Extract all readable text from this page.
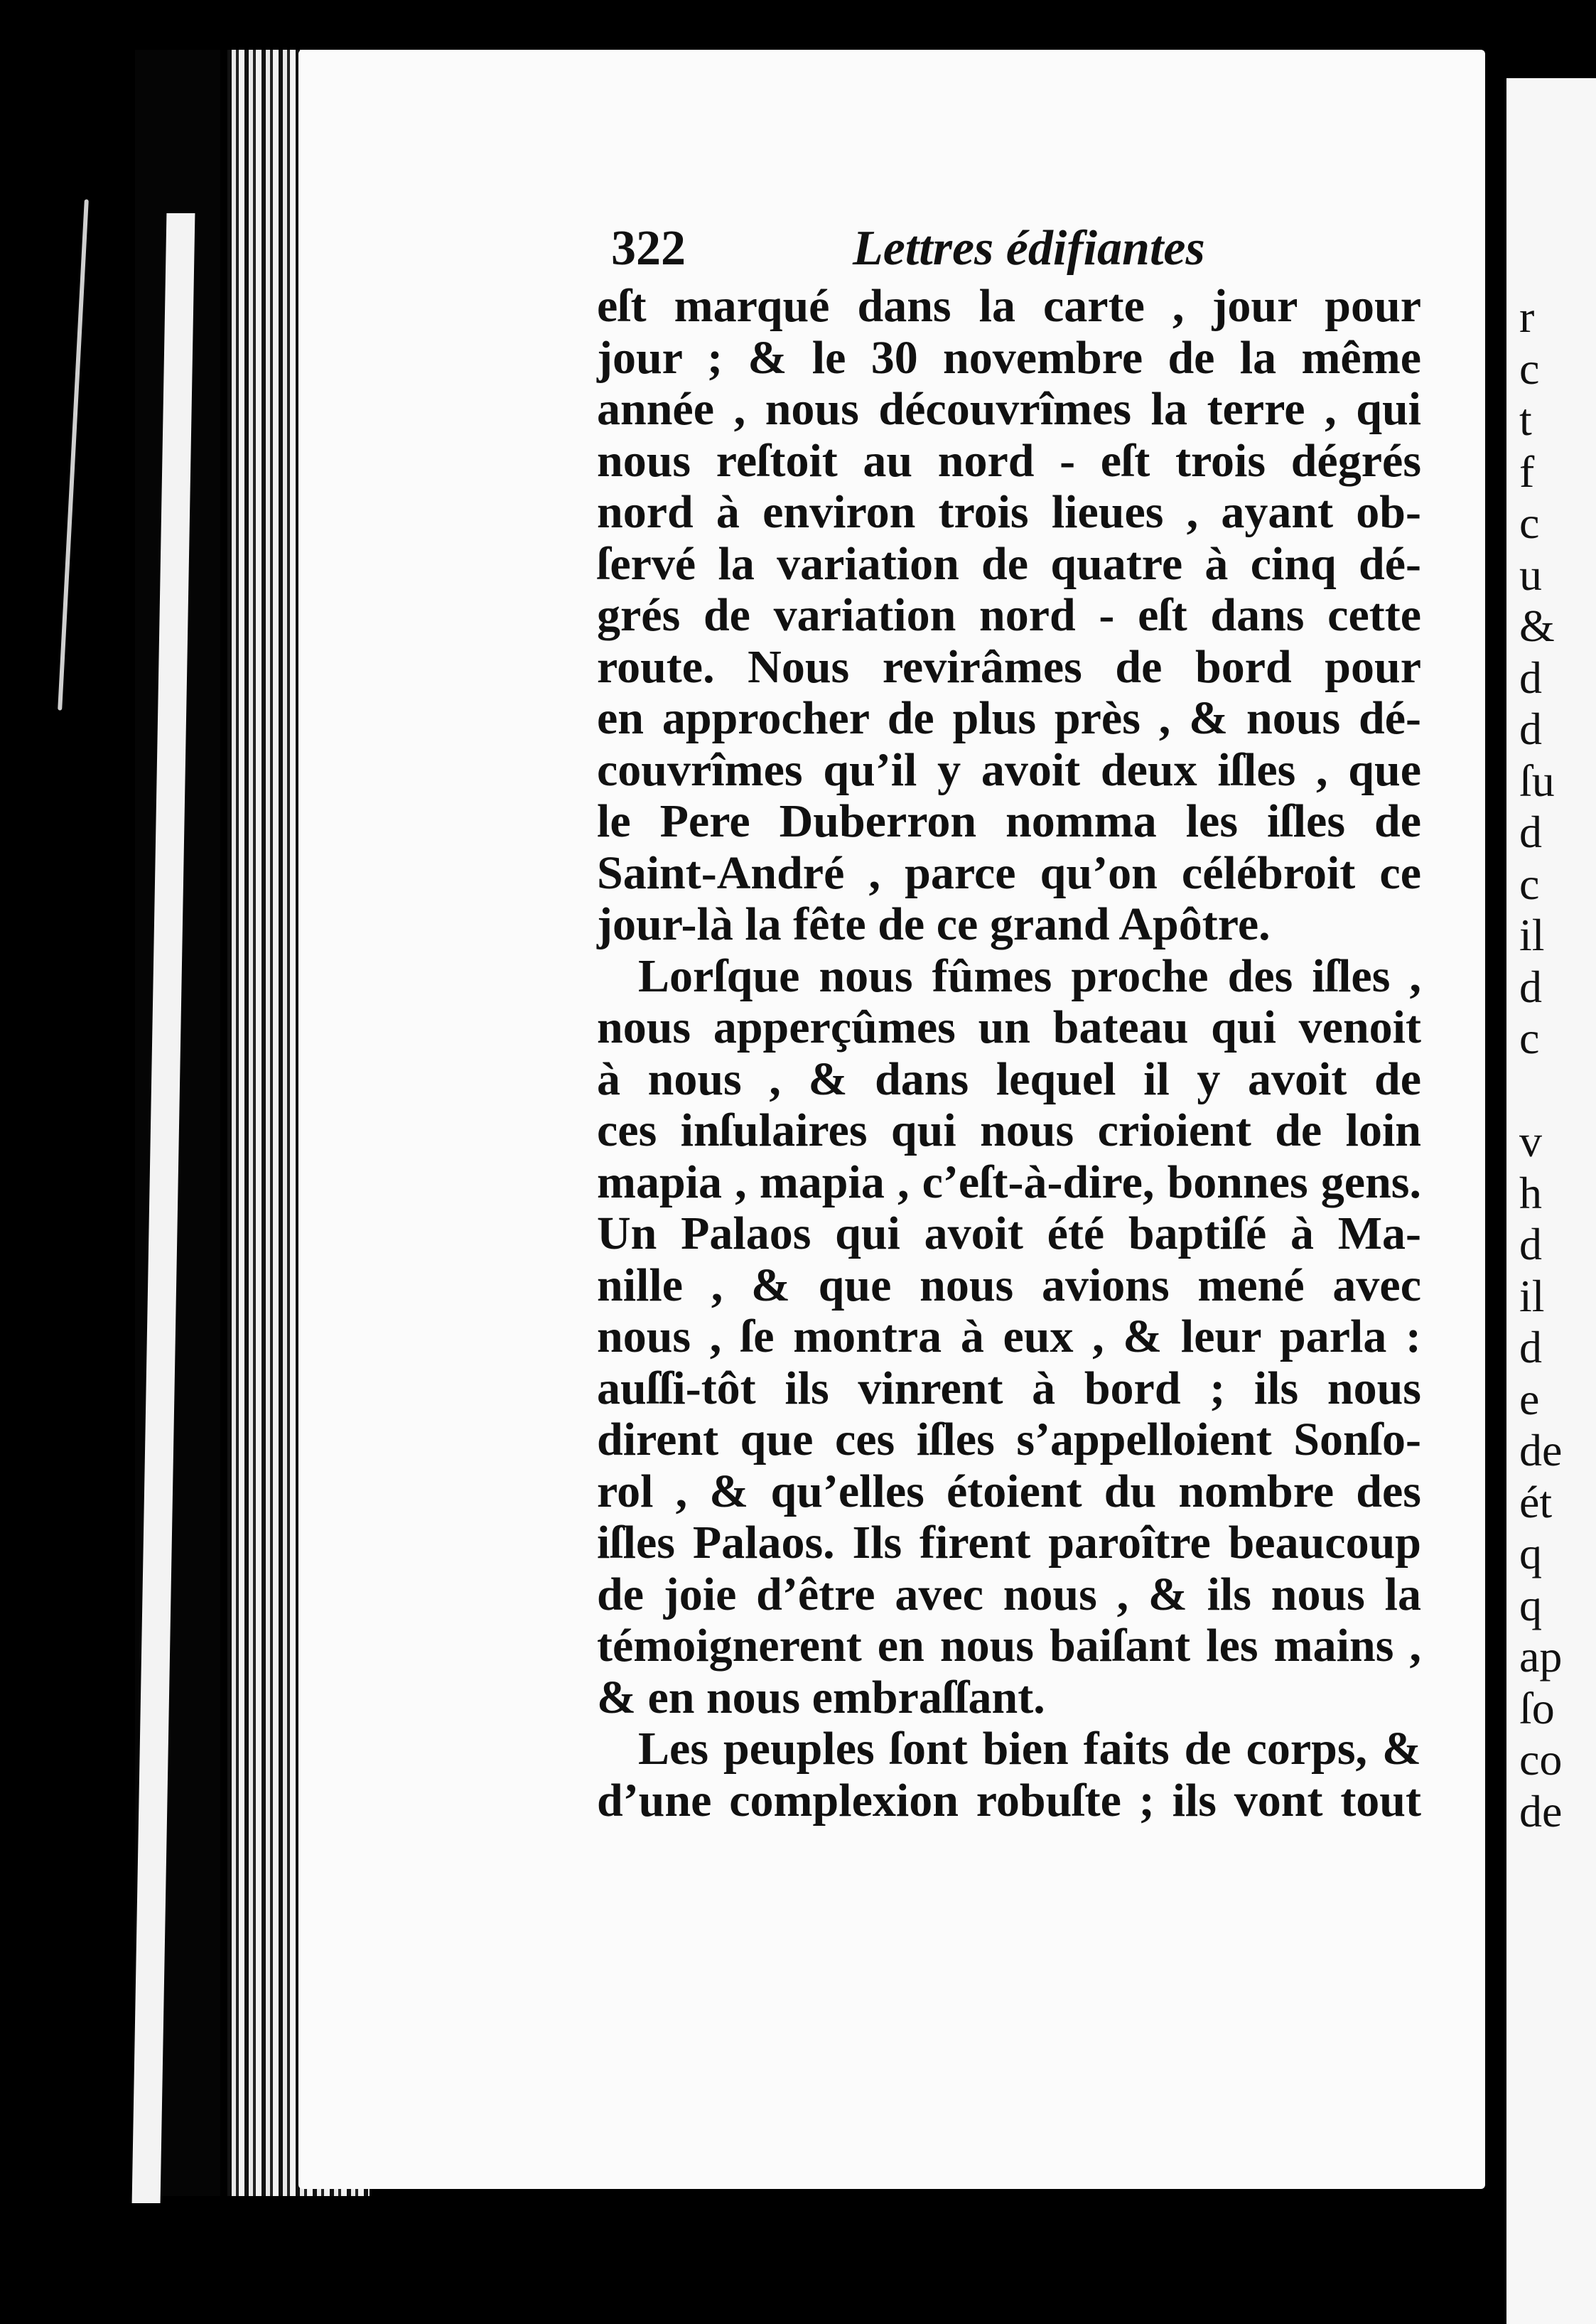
322	Lettres édifiantes
eſt marqué dans la carte , jour pour
jour ; & le 30 novembre de la même
année , nous découvrîmes la terre , qui
nous reſtoit au nord - eſt trois dégrés
nord à environ trois lieues , ayant ob-
ſervé la variation de quatre à cinq dé-
grés de variation nord - eſt dans cette
route. Nous revirâmes de bord pour
en approcher de plus près , & nous dé-
couvrîmes qu’il y avoit deux iſles , que
le Pere Duberron nomma les iſles de
Saint-André , parce qu’on célébroit ce
jour-là la fête de ce grand Apôtre.
Lorſque nous fûmes proche des iſles ,
nous apperçûmes un bateau qui venoit
à nous , & dans lequel il y avoit de
ces inſulaires qui nous crioient de loin
mapia , mapia , c’eſt-à-dire, bonnes gens.
Un Palaos qui avoit été baptiſé à Ma-
nille , & que nous avions mené avec
nous , ſe montra à eux , & leur parla :
auſſi-tôt ils vinrent à bord ; ils nous
dirent que ces iſles s’appelloient Sonſo-
rol , & qu’elles étoient du nombre des
iſles Palaos. Ils firent paroître beaucoup
de joie d’être avec nous , & ils nous la
témoignerent en nous baiſant les mains ,
& en nous embraſſant.
Les peuples ſont bien faits de corps, &
d’une complexion robuſte ; ils vont tout
r
c
t
f
c
u
&
d
d
ſu
d
c
il
d
c
v
h
d
il
d
e
de
ét
q
q
ap
ſo
co
de
